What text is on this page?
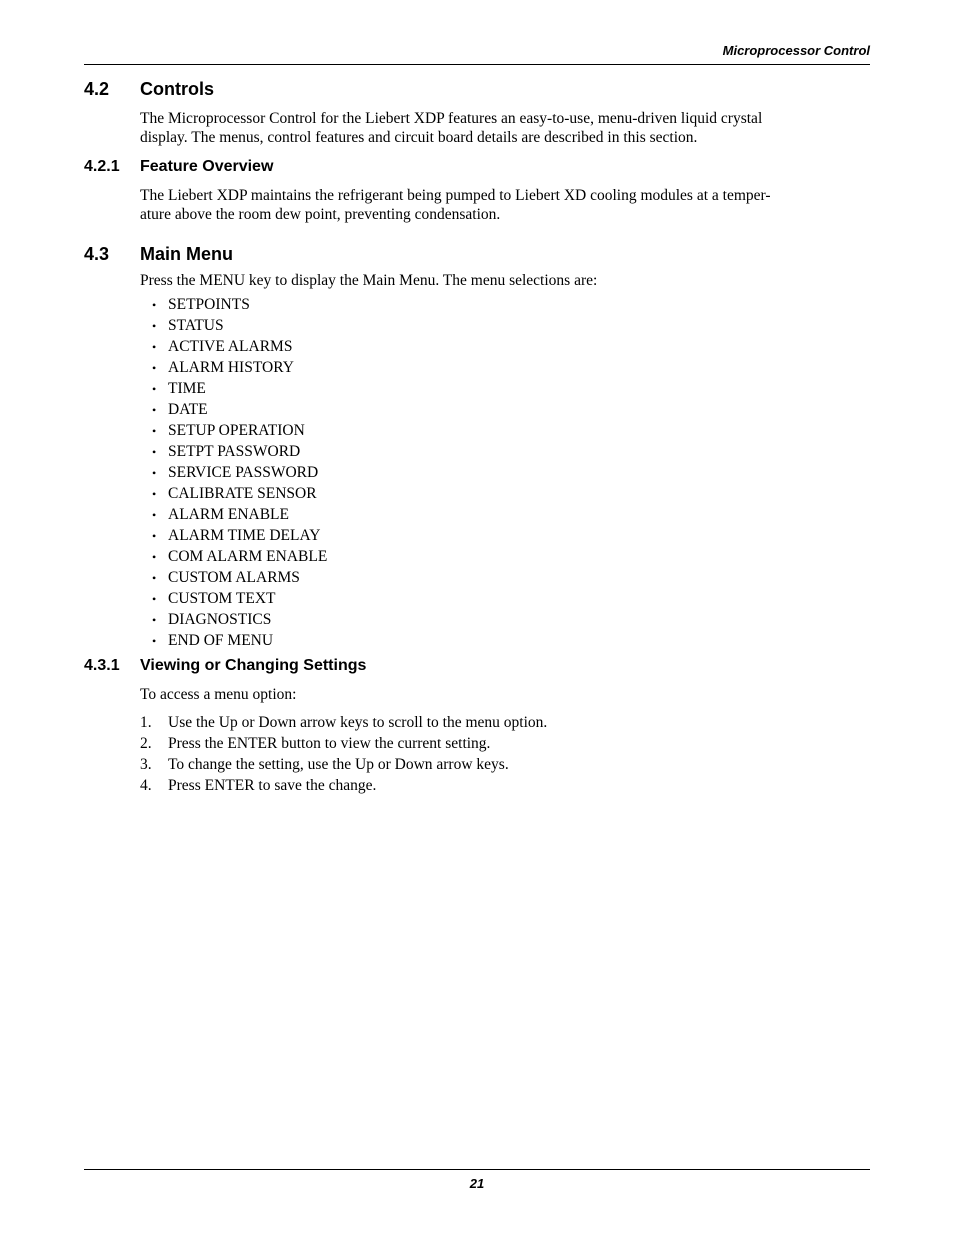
Microprocessor Control
4.2 Controls
The Microprocessor Control for the Liebert XDP features an easy-to-use, menu-driven liquid crystal
display. The menus, control features and circuit board details are described in this section.
4.2.1 Feature Overview
The Liebert XDP maintains the refrigerant being pumped to Liebert XD cooling modules at a temper-
ature above the room dew point, preventing condensation.
4.3 Main Menu
Press the MENU key to display the Main Menu. The menu selections are:
• SETPOINTS
• STATUS
• ACTIVE ALARMS
• ALARM HISTORY
• TIME
• DATE
• SETUP OPERATION
• SETPT PASSWORD
• SERVICE PASSWORD
• CALIBRATE SENSOR
• ALARM ENABLE
• ALARM TIME DELAY
• COM ALARM ENABLE
• CUSTOM ALARMS
• CUSTOM TEXT
• DIAGNOSTICS
• END OF MENU
4.3.1 Viewing or Changing Settings
To access a menu option:
1. Use the Up or Down arrow keys to scroll to the menu option.
2. Press the ENTER button to view the current setting.
3. To change the setting, use the Up or Down arrow keys.
4. Press ENTER to save the change.
21
